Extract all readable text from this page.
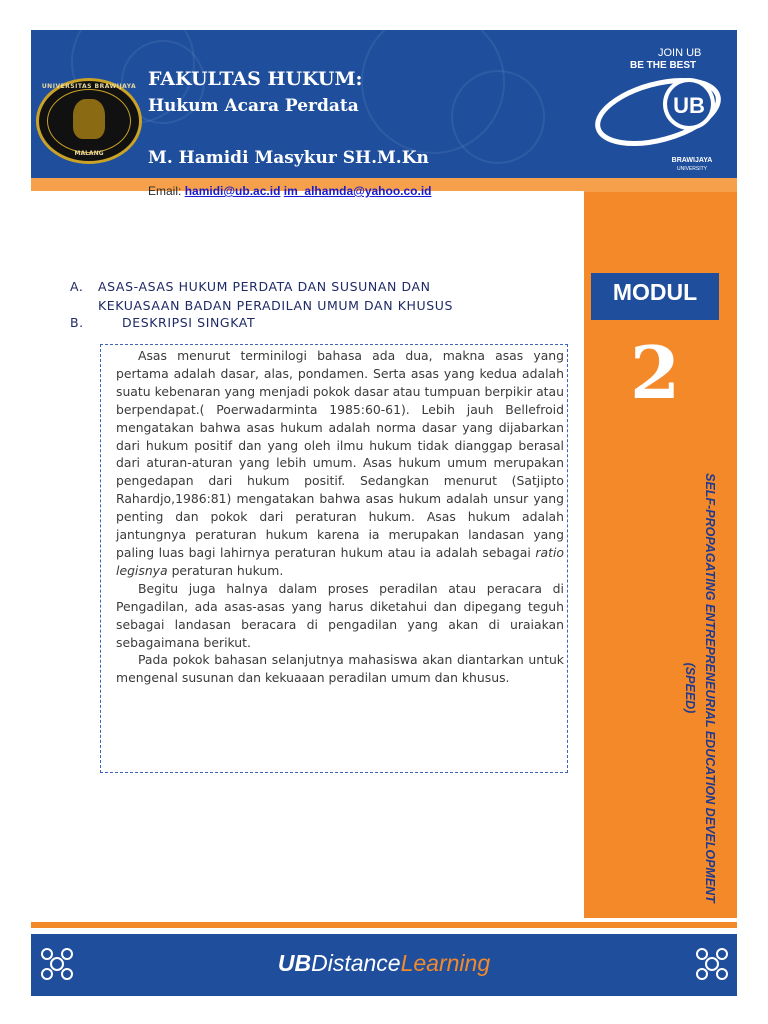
UNIVERSITAS BRAWIJAYA
MALANG
FAKULTAS HUKUM:
Hukum Acara Perdata
M. Hamidi Masykur SH.M.Kn
JOIN UB
BE THE BEST
UB
BRAWIJAYA
UNIVERSITY
Email: hamidi@ub.ac.id im_alhamda@yahoo.co.id
A. ASAS-ASAS HUKUM PERDATA DAN SUSUNAN DAN
KEKUASAAN BADAN PERADILAN UMUM DAN KHUSUS
B.	DESKRIPSI SINGKAT

Asas menurut terminilogi bahasa ada dua, makna asas yang pertama adalah dasar, alas, pondamen. Serta asas yang kedua adalah suatu kebenaran yang menjadi pokok dasar atau tumpuan berpikir atau berpendapat.( Poerwadarminta 1985:60-61). Lebih jauh Bellefroid mengatakan bahwa asas hukum adalah norma dasar yang dijabarkan dari hukum positif dan yang oleh ilmu hukum tidak dianggap berasal dari aturan-aturan yang lebih umum. Asas hukum umum merupakan pengedapan dari hukum positif. Sedangkan menurut (Satjipto Rahardjo,1986:81) mengatakan bahwa asas hukum adalah unsur yang penting dan pokok dari peraturan hukum. Asas hukum adalah jantungnya peraturan hukum karena ia merupakan landasan yang paling luas bagi lahirnya peraturan hukum atau ia adalah sebagai ratio legisnya peraturan hukum.

Begitu juga halnya dalam proses peradilan atau peracara di Pengadilan, ada asas-asas yang harus diketahui dan dipegang teguh sebagai landasan beracara di pengadilan yang akan di uraiakan sebagaimana berikut.

Pada pokok bahasan selanjutnya mahasiswa akan diantarkan untuk mengenal susunan dan kekuaaan peradilan umum dan khusus.

MODUL
2
SELF-PROPAGATING ENTREPRENEURIAL EDUCATION DEVELOPMENT
(SPEED)
UBDistanceLearning
